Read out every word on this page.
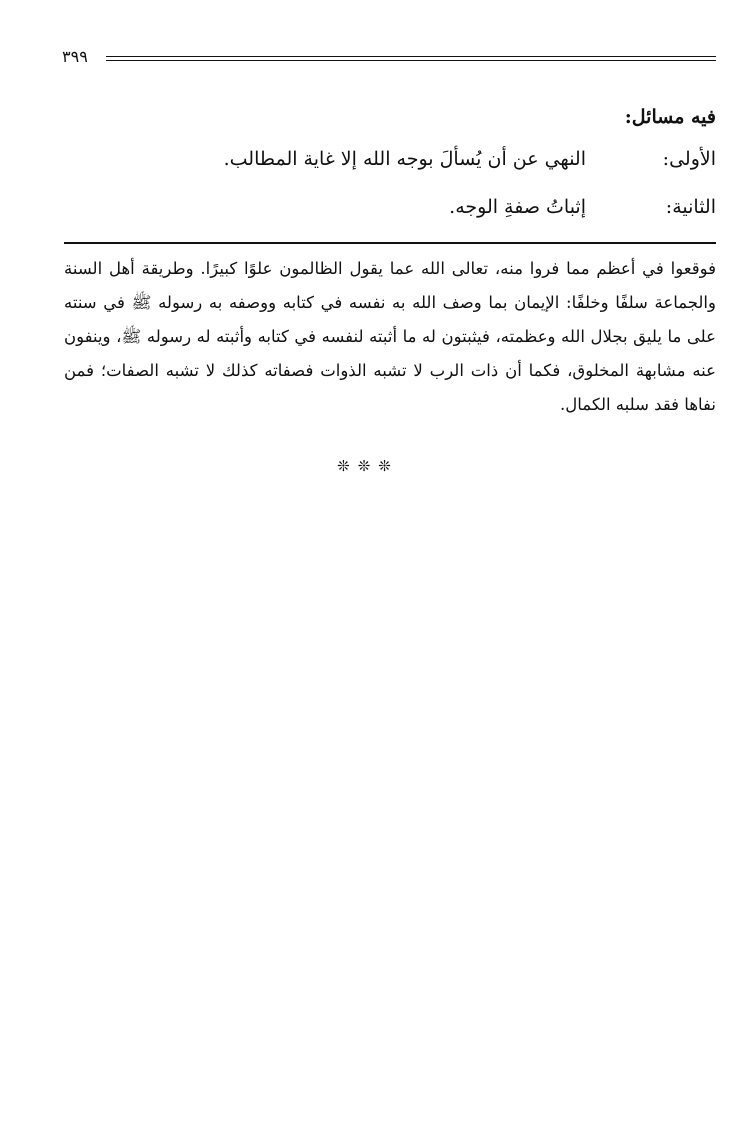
٣٩٩
فيه مسائل:
الأولى:
النهي عن أن يُسألَ بوجه الله إلا غاية المطالب.
الثانية:
إثباتُ صفةِ الوجه.

فوقعوا في أعظم مما فروا منه، تعالى الله عما يقول الظالمون علوًا كبيرًا. وطريقة أهل السنة والجماعة سلفًا وخلفًا: الإيمان بما وصف الله به نفسه في كتابه ووصفه به رسوله ﷺ في سنته على ما يليق بجلال الله وعظمته، فيثبتون له ما أثبته لنفسه في كتابه وأثبته له رسوله ﷺ، وينفون عنه مشابهة المخلوق، فكما أن ذات الرب لا تشبه الذوات فصفاته كذلك لا تشبه الصفات؛ فمن نفاها فقد سلبه الكمال.

❊❊❊
